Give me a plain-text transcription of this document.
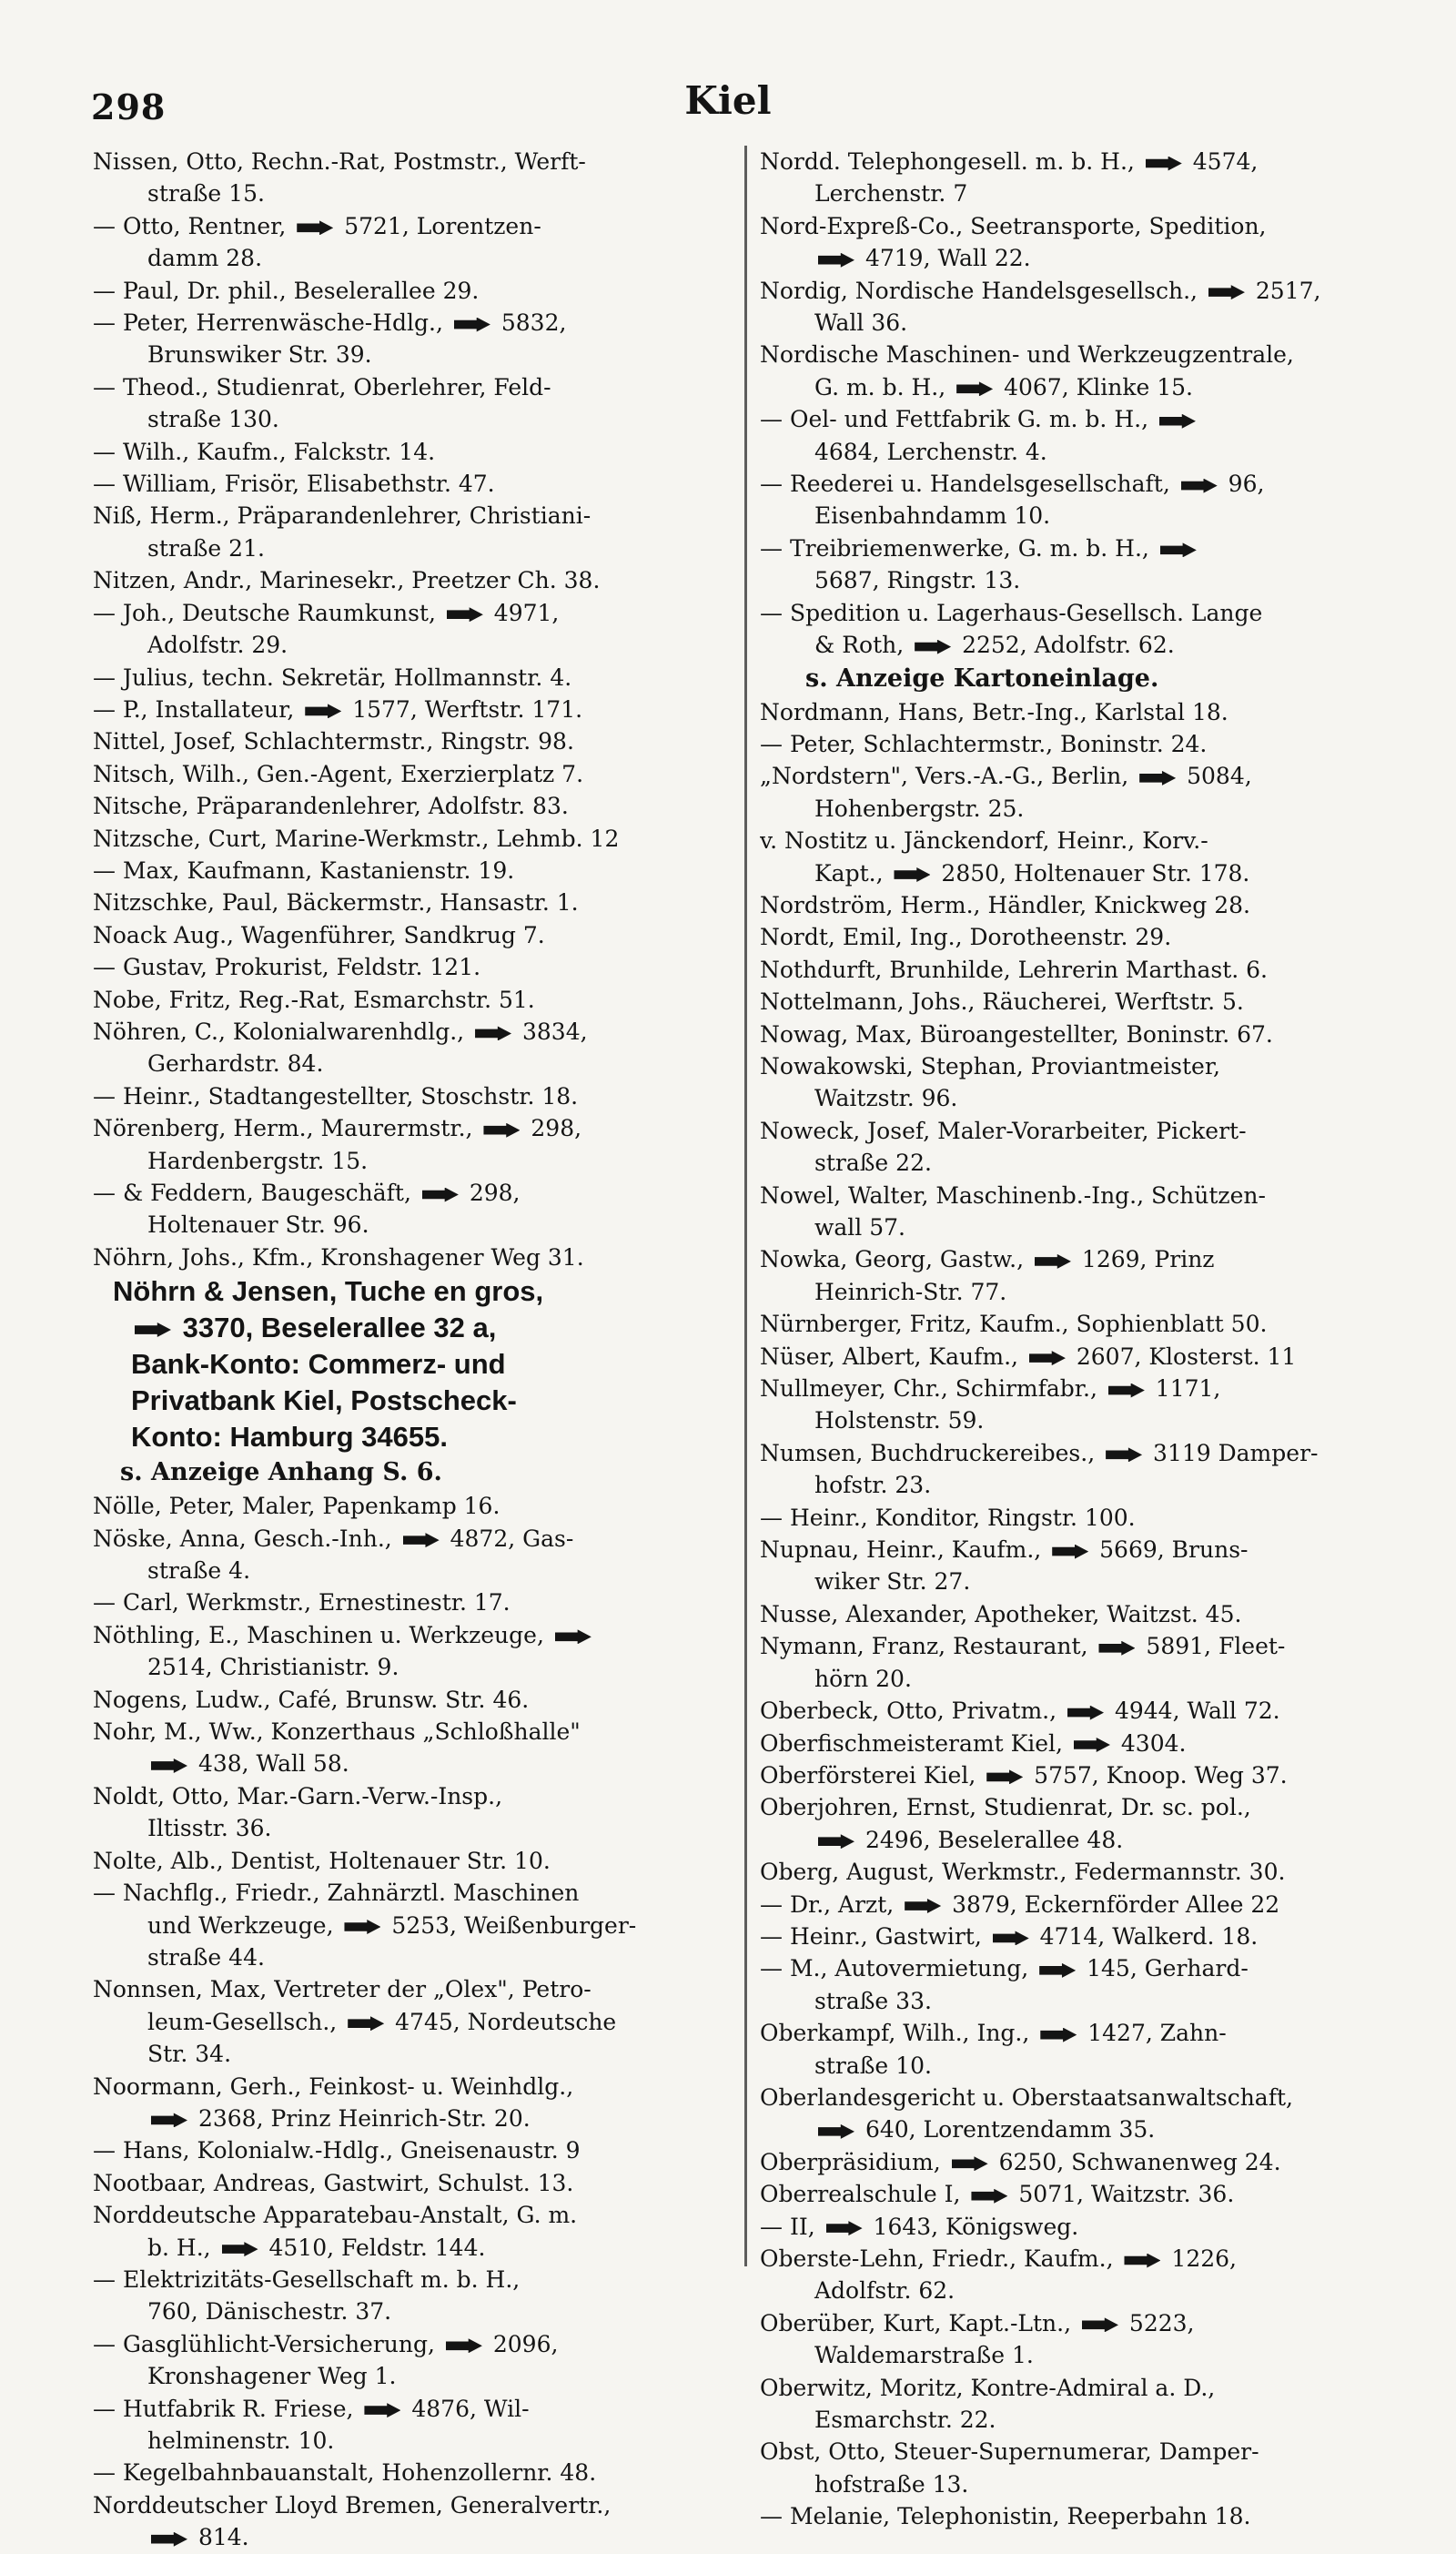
298	Kiel
Nissen, Otto, Rechn.-Rat, Postmstr., Werft-
straße 15.
— Otto, Rentner,  5721, Lorentzen-
damm 28.
— Paul, Dr. phil., Beselerallee 29.
— Peter, Herrenwäsche-Hdlg.,  5832,
Brunswiker Str. 39.
— Theod., Studienrat, Oberlehrer, Feld-
straße 130.
— Wilh., Kaufm., Falckstr. 14.
— William, Frisör, Elisabethstr. 47.
Niß, Herm., Präparandenlehrer, Christiani-
straße 21.
Nitzen, Andr., Marinesekr., Preetzer Ch. 38.
— Joh., Deutsche Raumkunst,  4971,
Adolfstr. 29.
— Julius, techn. Sekretär, Hollmannstr. 4.
— P., Installateur,  1577, Werftstr. 171.
Nittel, Josef, Schlachtermstr., Ringstr. 98.
Nitsch, Wilh., Gen.-Agent, Exerzierplatz 7.
Nitsche, Präparandenlehrer, Adolfstr. 83.
Nitzsche, Curt, Marine-Werkmstr., Lehmb. 12
— Max, Kaufmann, Kastanienstr. 19.
Nitzschke, Paul, Bäckermstr., Hansastr. 1.
Noack Aug., Wagenführer, Sandkrug 7.
— Gustav, Prokurist, Feldstr. 121.
Nobe, Fritz, Reg.-Rat, Esmarchstr. 51.
Nöhren, C., Kolonialwarenhdlg.,  3834,
Gerhardstr. 84.
— Heinr., Stadtangestellter, Stoschstr. 18.
Nörenberg, Herm., Maurermstr.,  298,
Hardenbergstr. 15.
— & Feddern, Baugeschäft,  298,
Holtenauer Str. 96.
Nöhrn, Johs., Kfm., Kronshagener Weg 31.
Nöhrn & Jensen, Tuche en gros,
3370, Beselerallee 32 a,
Bank-Konto: Commerz- und
Privatbank Kiel, Postscheck-
Konto: Hamburg 34655.
s. Anzeige Anhang S. 6.
Nölle, Peter, Maler, Papenkamp 16.
Nöske, Anna, Gesch.-Inh.,  4872, Gas-
straße 4.
— Carl, Werkmstr., Ernestinestr. 17.
Nöthling, E., Maschinen u. Werkzeuge,
2514, Christianistr. 9.
Nogens, Ludw., Café, Brunsw. Str. 46.
Nohr, M., Ww., Konzerthaus „Schloßhalle"
438, Wall 58.
Noldt, Otto, Mar.-Garn.-Verw.-Insp.,
Iltisstr. 36.
Nolte, Alb., Dentist, Holtenauer Str. 10.
— Nachflg., Friedr., Zahnärztl. Maschinen
und Werkzeuge,  5253, Weißenburger-
straße 44.
Nonnsen, Max, Vertreter der „Olex", Petro-
leum-Gesellsch.,  4745, Nordeutsche
Str. 34.
Noormann, Gerh., Feinkost- u. Weinhdlg.,
2368, Prinz Heinrich-Str. 20.
— Hans, Kolonialw.-Hdlg., Gneisenaustr. 9
Nootbaar, Andreas, Gastwirt, Schulst. 13.
Norddeutsche Apparatebau-Anstalt, G. m.
b. H.,  4510, Feldstr. 144.
— Elektrizitäts-Gesellschaft m. b. H.,
760, Dänischestr. 37.
— Gasglühlicht-Versicherung,  2096,
Kronshagener Weg 1.
— Hutfabrik R. Friese,  4876, Wil-
helminenstr. 10.
— Kegelbahnbauanstalt, Hohenzollernr. 48.
Norddeutscher Lloyd Bremen, Generalvertr.,
814.
Nordd. Telephongesell. m. b. H.,  4574,
Lerchenstr. 7
Nord-Expreß-Co., Seetransporte, Spedition,
4719, Wall 22.
Nordig, Nordische Handelsgesellsch.,  2517,
Wall 36.
Nordische Maschinen- und Werkzeugzentrale,
G. m. b. H.,  4067, Klinke 15.
— Oel- und Fettfabrik G. m. b. H.,
4684, Lerchenstr. 4.
— Reederei u. Handelsgesellschaft,  96,
Eisenbahndamm 10.
— Treibriemenwerke, G. m. b. H.,
5687, Ringstr. 13.
— Spedition u. Lagerhaus-Gesellsch. Lange
& Roth,  2252, Adolfstr. 62.
s. Anzeige Kartoneinlage.
Nordmann, Hans, Betr.-Ing., Karlstal 18.
— Peter, Schlachtermstr., Boninstr. 24.
„Nordstern", Vers.-A.-G., Berlin,  5084,
Hohenbergstr. 25.
v. Nostitz u. Jänckendorf, Heinr., Korv.-
Kapt.,  2850, Holtenauer Str. 178.
Nordström, Herm., Händler, Knickweg 28.
Nordt, Emil, Ing., Dorotheenstr. 29.
Nothdurft, Brunhilde, Lehrerin Marthast. 6.
Nottelmann, Johs., Räucherei, Werftstr. 5.
Nowag, Max, Büroangestellter, Boninstr. 67.
Nowakowski, Stephan, Proviantmeister,
Waitzstr. 96.
Noweck, Josef, Maler-Vorarbeiter, Pickert-
straße 22.
Nowel, Walter, Maschinenb.-Ing., Schützen-
wall 57.
Nowka, Georg, Gastw.,  1269, Prinz
Heinrich-Str. 77.
Nürnberger, Fritz, Kaufm., Sophienblatt 50.
Nüser, Albert, Kaufm.,  2607, Klosterst. 11
Nullmeyer, Chr., Schirmfabr.,  1171,
Holstenstr. 59.
Numsen, Buchdruckereibes.,  3119 Damper-
hofstr. 23.
— Heinr., Konditor, Ringstr. 100.
Nupnau, Heinr., Kaufm.,  5669, Bruns-
wiker Str. 27.
Nusse, Alexander, Apotheker, Waitzst. 45.
Nymann, Franz, Restaurant,  5891, Fleet-
hörn 20.
Oberbeck, Otto, Privatm.,  4944, Wall 72.
Oberfischmeisteramt Kiel,  4304.
Oberförsterei Kiel,  5757, Knoop. Weg 37.
Oberjohren, Ernst, Studienrat, Dr. sc. pol.,
2496, Beselerallee 48.
Oberg, August, Werkmstr., Federmannstr. 30.
— Dr., Arzt,  3879, Eckernförder Allee 22
— Heinr., Gastwirt,  4714, Walkerd. 18.
— M., Autovermietung,  145, Gerhard-
straße 33.
Oberkampf, Wilh., Ing.,  1427, Zahn-
straße 10.
Oberlandesgericht u. Oberstaatsanwaltschaft,
640, Lorentzendamm 35.
Oberpräsidium,  6250, Schwanenweg 24.
Oberrealschule I,  5071, Waitzstr. 36.
— II,  1643, Königsweg.
Oberste-Lehn, Friedr., Kaufm.,  1226,
Adolfstr. 62.
Oberüber, Kurt, Kapt.-Ltn.,  5223,
Waldemarstraße 1.
Oberwitz, Moritz, Kontre-Admiral a. D.,
Esmarchstr. 22.
Obst, Otto, Steuer-Supernumerar, Damper-
hofstraße 13.
— Melanie, Telephonistin, Reeperbahn 18.
